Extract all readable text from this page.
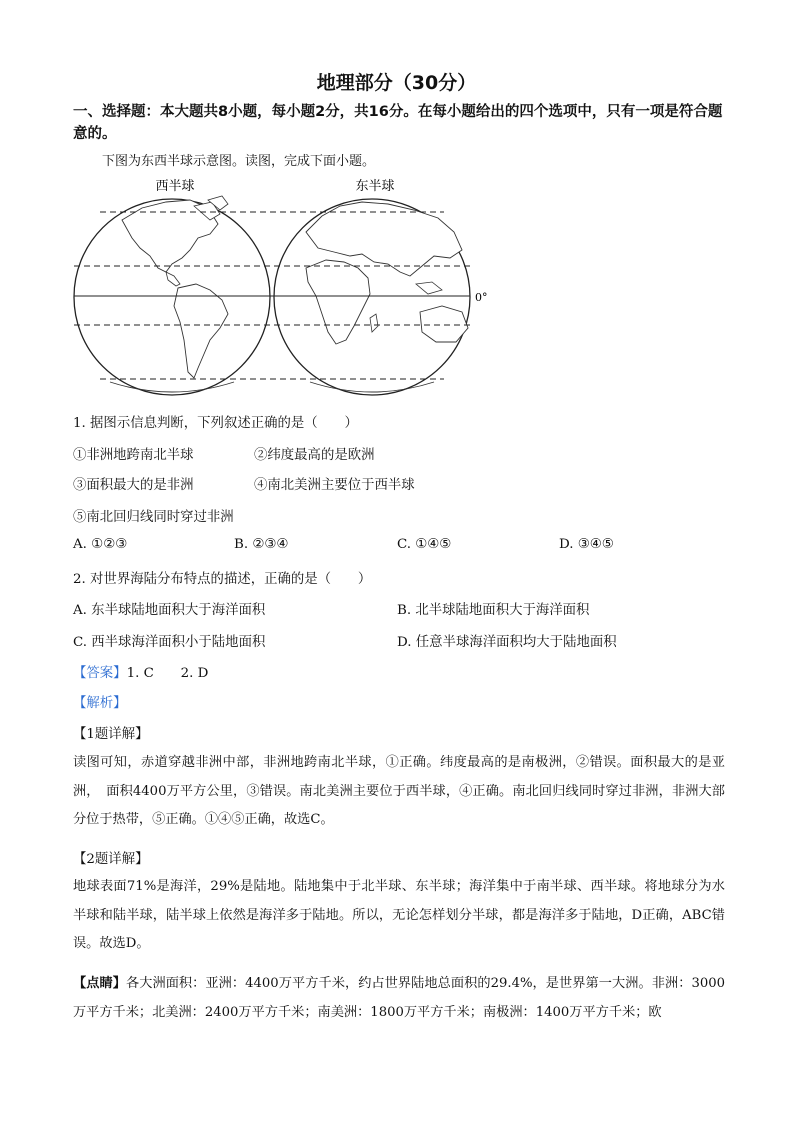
地理部分（30分）
一、选择题：本大题共8小题，每小题2分，共16分。在每小题给出的四个选项中，只有一项是符合题意的。
下图为东西半球示意图。读图，完成下面小题。
西半球	东半球
0°
1. 据图示信息判断，下列叙述正确的是（　　）
①非洲地跨南北半球	②纬度最高的是欧洲
③面积最大的是非洲	④南北美洲主要位于西半球
⑤南北回归线同时穿过非洲
A. ①②③	B. ②③④	C. ①④⑤	D. ③④⑤
2. 对世界海陆分布特点的描述，正确的是（　　）
A. 东半球陆地面积大于海洋面积	B. 北半球陆地面积大于海洋面积
C. 西半球海洋面积小于陆地面积	D. 任意半球海洋面积均大于陆地面积
【答案】1. C　　2. D
【解析】
【1题详解】
读图可知，赤道穿越非洲中部，非洲地跨南北半球，①正确。纬度最高的是南极洲，②错误。面积最大的是亚洲，　面积4400万平方公里，③错误。南北美洲主要位于西半球，④正确。南北回归线同时穿过非洲，非洲大部分位于热带，⑤正确。①④⑤正确，故选C。
【2题详解】
地球表面71%是海洋，29%是陆地。陆地集中于北半球、东半球；海洋集中于南半球、西半球。将地球分为水半球和陆半球，陆半球上依然是海洋多于陆地。所以，无论怎样划分半球，都是海洋多于陆地，D正确，ABC错误。故选D。
【点睛】各大洲面积：亚洲：4400万平方千米，约占世界陆地总面积的29.4%，是世界第一大洲。非洲：3000万平方千米；北美洲：2400万平方千米；南美洲：1800万平方千米；南极洲：1400万平方千米；欧
